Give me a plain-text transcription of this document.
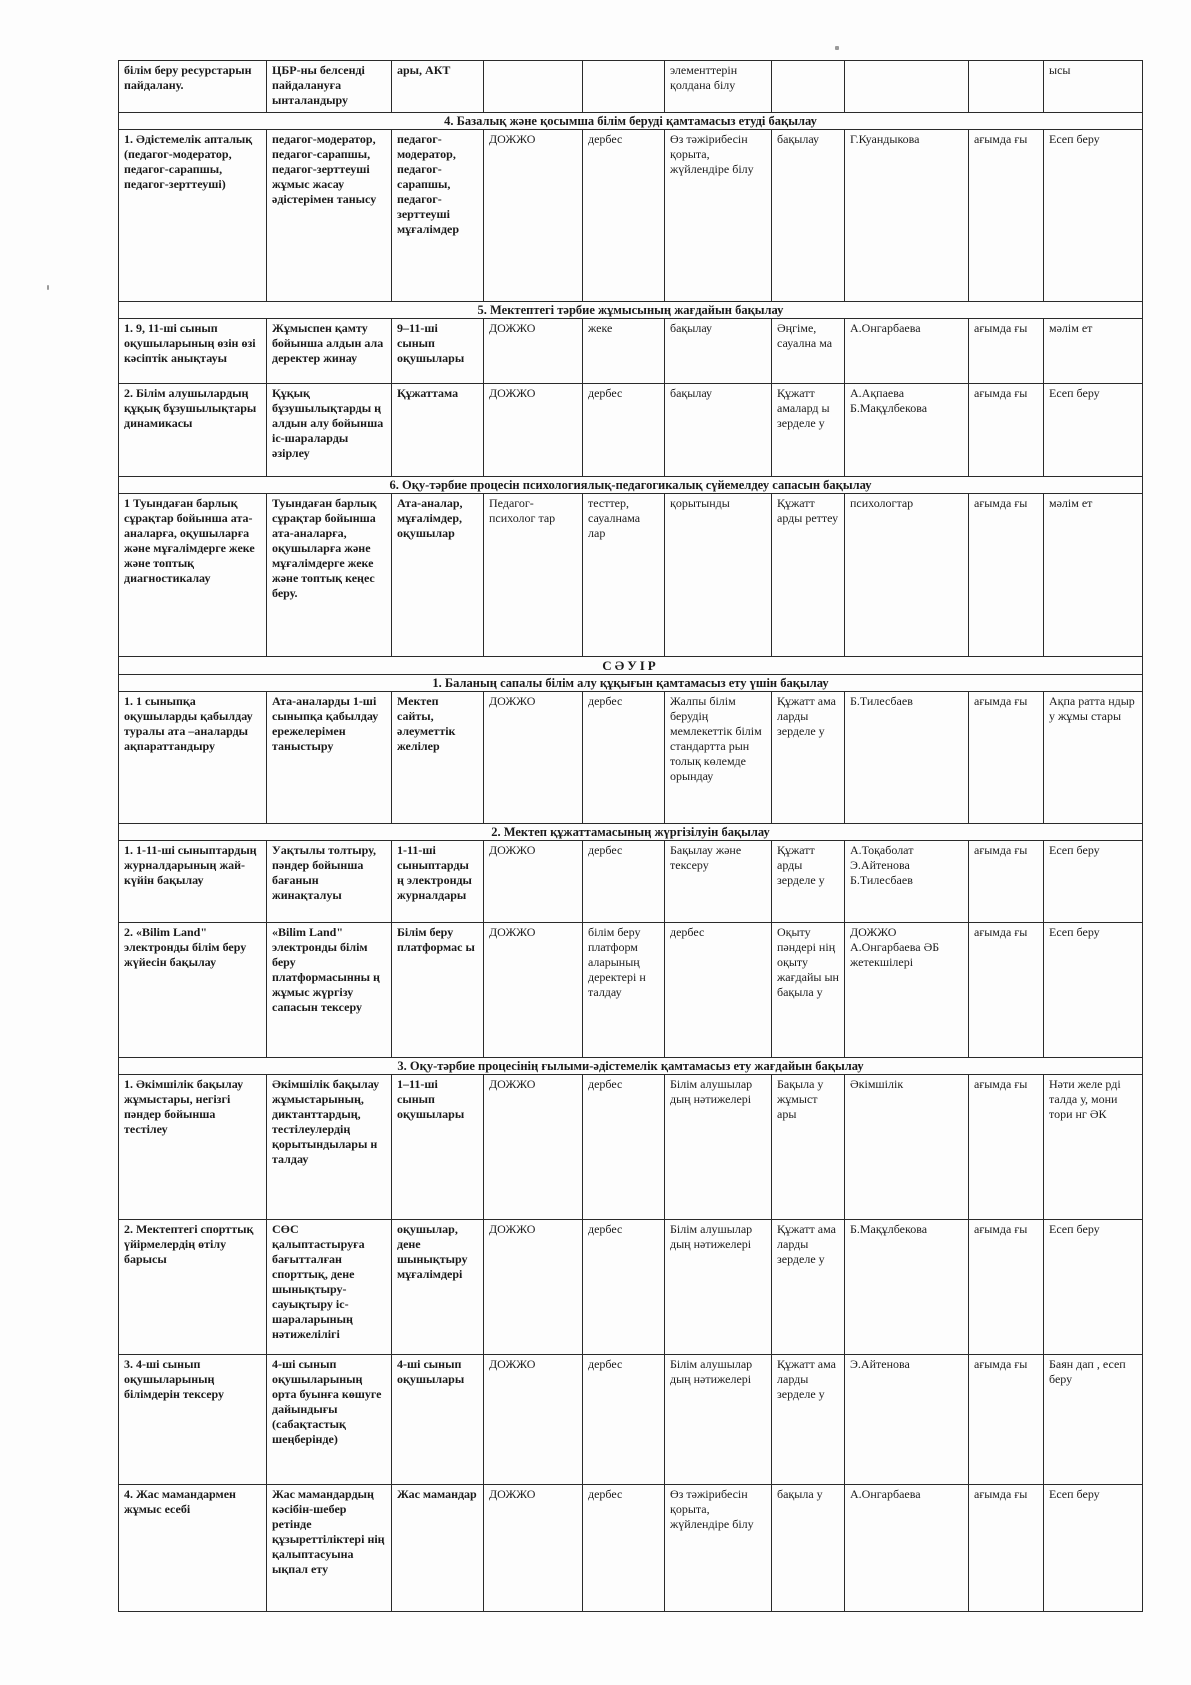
білім беру ресурстарын пайдалану.	ЦБР-ны белсенді пайдалануға ынталандыру	ары, АКТ			элементтерін қолдана білу				ысы
4. Базалық және қосымша білім беруді қамтамасыз етуді бақылау									
1. Әдістемелік апталық (педагог-модератор, педагог-сарапшы, педагог-зерттеуші)	педагог-модератор, педагог-сарапшы, педагог-зерттеуші жұмыс жасау әдістерімен танысу	педагог-модератор, педагог-сарапшы, педагог-зерттеуші мұғалімдер	ДОЖЖО	дербес	Өз тәжірибесін қорыта, жүйлендіре білу	бақылау	Г.Куандыкова	ағымда ғы	Есеп беру
5. Мектептегі тәрбие жұмысының жағдайын бақылау									
1. 9, 11-ші сынып оқушыларының өзін өзі кәсіптік анықтауы	Жұмыспен қамту бойынша алдын ала деректер жинау	9–11-ші сынып оқушылары	ДОЖЖО	жеке	бақылау	Әңгіме, сауална ма	А.Онгарбаева	ағымда ғы	мәлім ет
2. Білім алушылардың құқық бұзушылықтары динамикасы	Құқық бұзушылықтарды ң алдын алу бойынша іс-шараларды әзірлеу	Құжаттама	ДОЖЖО	дербес	бақылау	Құжатт амалард ы зерделе у	А.Ақпаева Б.Мақұлбекова	ағымда ғы	Есеп беру
6. Оқу-тәрбие процесін психологиялық-педагогикалық сүйемелдеу сапасын бақылау									
1 Туындаған барлық сұрақтар бойынша ата-аналарға, оқушыларға және мұғалімдерге жеке және топтық диагностикалау	Туындаған барлық сұрақтар бойынша ата-аналарға, оқушыларға және мұғалімдерге жеке және топтық кеңес беру.	Ата-аналар, мұғалімдер, оқушылар	Педагог-психолог тар	тесттер, сауалнама лар	қорытынды	Құжатт арды реттеу	психологтар	ағымда ғы	мәлім ет
СӘУІР									
1. Баланың сапалы білім алу құқығын қамтамасыз ету үшін бақылау									
1. 1 сыныпқа оқушыларды қабылдау туралы ата –аналарды ақпараттандыру	Ата-аналарды 1-ші сыныпқа қабылдау ережелерімен таныстыру	Мектеп сайты, әлеуметтік желілер	ДОЖЖО	дербес	Жалпы білім берудің мемлекеттік білім стандартта рын толық көлемде орындау	Құжатт ама ларды зерделе у	Б.Тилесбаев	ағымда ғы	Ақпа ратта ндыр у жұмы стары
2. Мектеп құжаттамасының жүргізілуін бақылау									
1. 1-11-ші сыныптардың журналдарының жай-күйін бақылау	Уақтылы толтыру, пәндер бойынша бағанын жинақталуы	1-11-ші сыныптарды ң электронды журналдары	ДОЖЖО	дербес	Бақылау және тексеру	Құжатт арды зерделе у	А.Тоқаболат Э.Айтенова Б.Тилесбаев	ағымда ғы	Есеп беру
2. «Bilim Land" электронды білім беру жүйесін бақылау	«Bilim Land" электронды білім беру платформасынны ң жұмыс жүргізу сапасын тексеру	Білім беру платформас ы	ДОЖЖО	білім беру платформ аларының деректері н талдау	дербес	Оқыту пәндері нің оқыту жағдайы ын бақыла у	ДОЖЖО А.Онгарбаева ӘБ жетекшілері	ағымда ғы	Есеп беру
3. Оқу-тәрбие процесінің ғылыми-әдістемелік қамтамасыз ету жағдайын бақылау									
1. Әкімшілік бақылау жұмыстары, негізгі пәндер бойынша тестілеу	Әкімшілік бақылау жұмыстарының, диктанттардың, тестілеулердің қорытындылары н талдау	1–11-ші сынып оқушылары	ДОЖЖО	дербес	Білім алушылар дың нәтижелері	Бақыла у жұмыст ары	Әкімшілік	ағымда ғы	Нәти желе рді талда у, мони тори нг ӘК
2. Мектептегі спорттық үйірмелердің өтілу барысы	СӨС қалыптастыруға бағытталған спорттық, дене шынықтыру-сауықтыру іс-шараларының нәтижелілігі	оқушылар, дене шынықтыру мұғалімдері	ДОЖЖО	дербес	Білім алушылар дың нәтижелері	Құжатт ама ларды зерделе у	Б.Мақұлбекова	ағымда ғы	Есеп беру
3. 4-ші сынып оқушыларының білімдерін тексеру	4-ші сынып оқушыларының орта буынға көшуге дайындығы (сабақтастық шеңберінде)	4-ші сынып оқушылары	ДОЖЖО	дербес	Білім алушылар дың нәтижелері	Құжатт ама ларды зерделе у	Э.Айтенова	ағымда ғы	Баян дап , есеп беру
4. Жас мамандармен жұмыс есебі	Жас мамандардың кәсібін-шебер ретінде құзыреттіліктері нің қалыптасуына ықпал ету	Жас мамандар	ДОЖЖО	дербес	Өз тәжірибесін қорыта, жүйлендіре білу	бақыла у	А.Онгарбаева	ағымда ғы	Есеп беру
